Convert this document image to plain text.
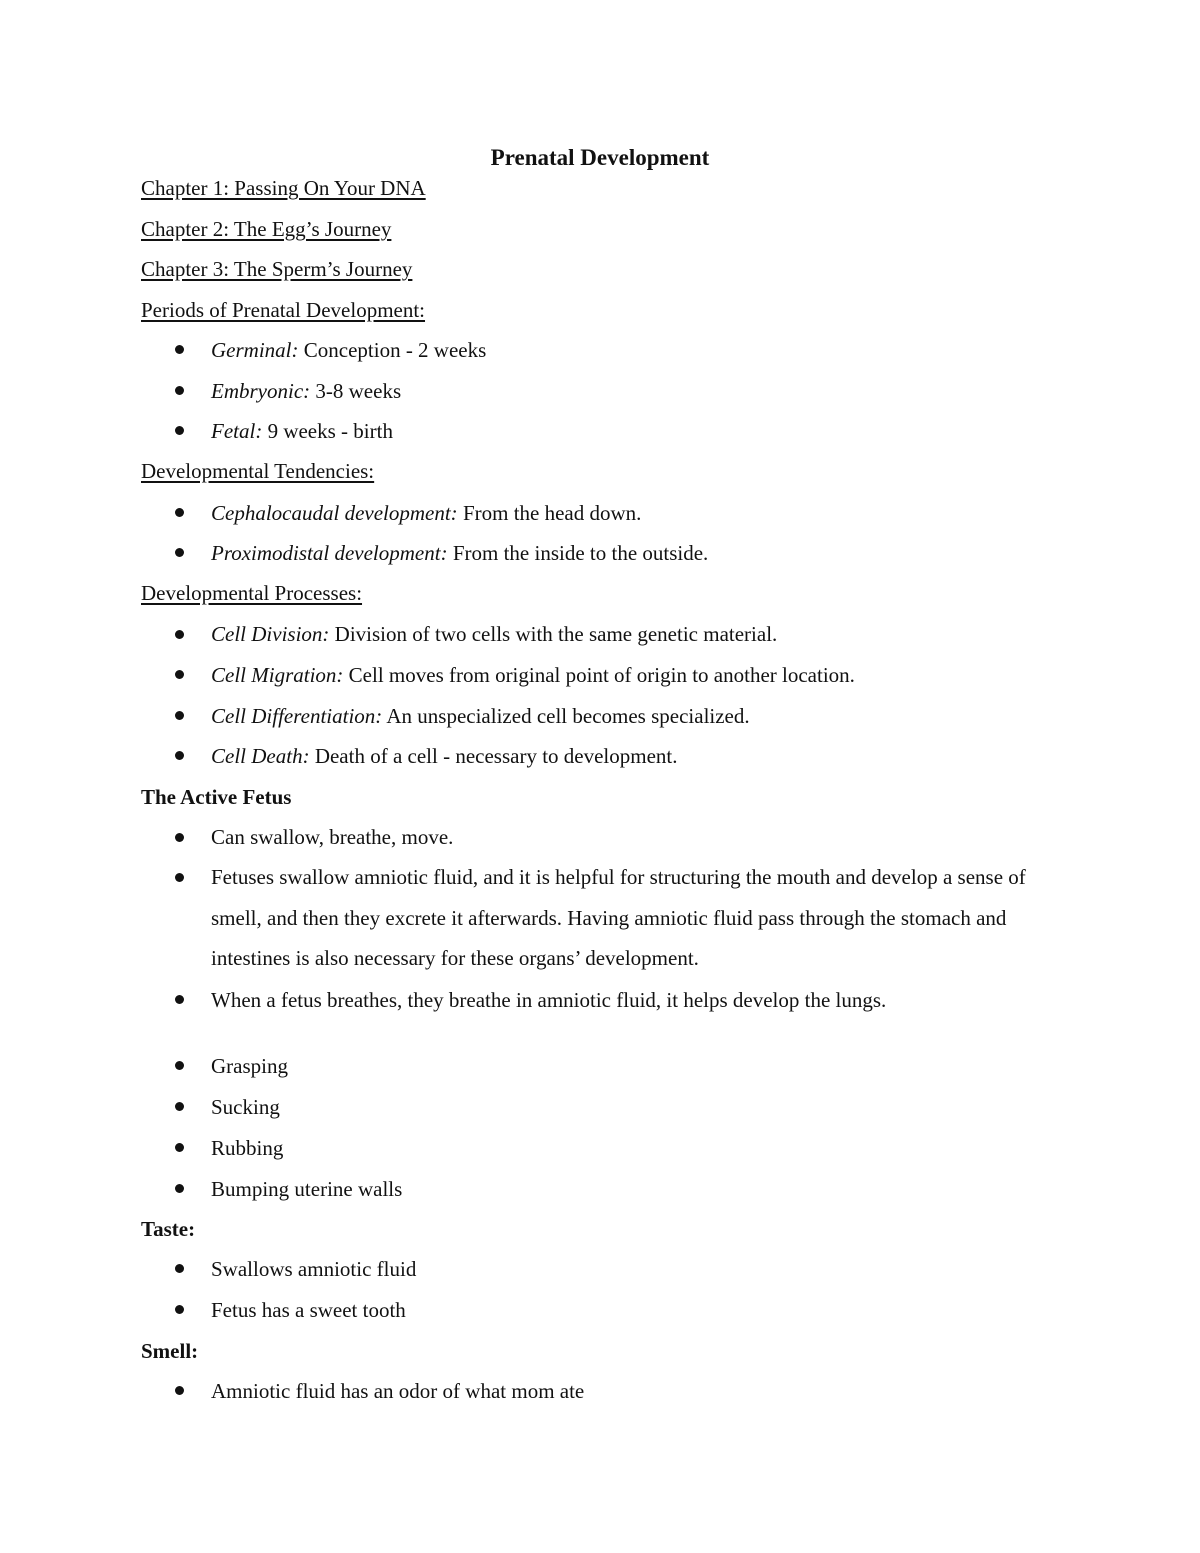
Prenatal Development

Chapter 1: Passing On Your DNA

Chapter 2: The Egg’s Journey

Chapter 3: The Sperm’s Journey

Periods of Prenatal Development:

Germinal: Conception - 2 weeks
Embryonic: 3-8 weeks
Fetal: 9 weeks - birth

Developmental Tendencies:

Cephalocaudal development: From the head down.
Proximodistal development: From the inside to the outside.

Developmental Processes:

Cell Division: Division of two cells with the same genetic material.
Cell Migration: Cell moves from original point of origin to another location.
Cell Differentiation: An unspecialized cell becomes specialized.
Cell Death: Death of a cell - necessary to development.

The Active Fetus

Can swallow, breathe, move.
Fetuses swallow amniotic fluid, and it is helpful for structuring the mouth and develop a sense of smell, and then they excrete it afterwards. Having amniotic fluid pass through the stomach and intestines is also necessary for these organs’ development.
When a fetus breathes, they breathe in amniotic fluid, it helps develop the lungs.
Grasping
Sucking
Rubbing
Bumping uterine walls

Taste:

Swallows amniotic fluid
Fetus has a sweet tooth

Smell:

Amniotic fluid has an odor of what mom ate
